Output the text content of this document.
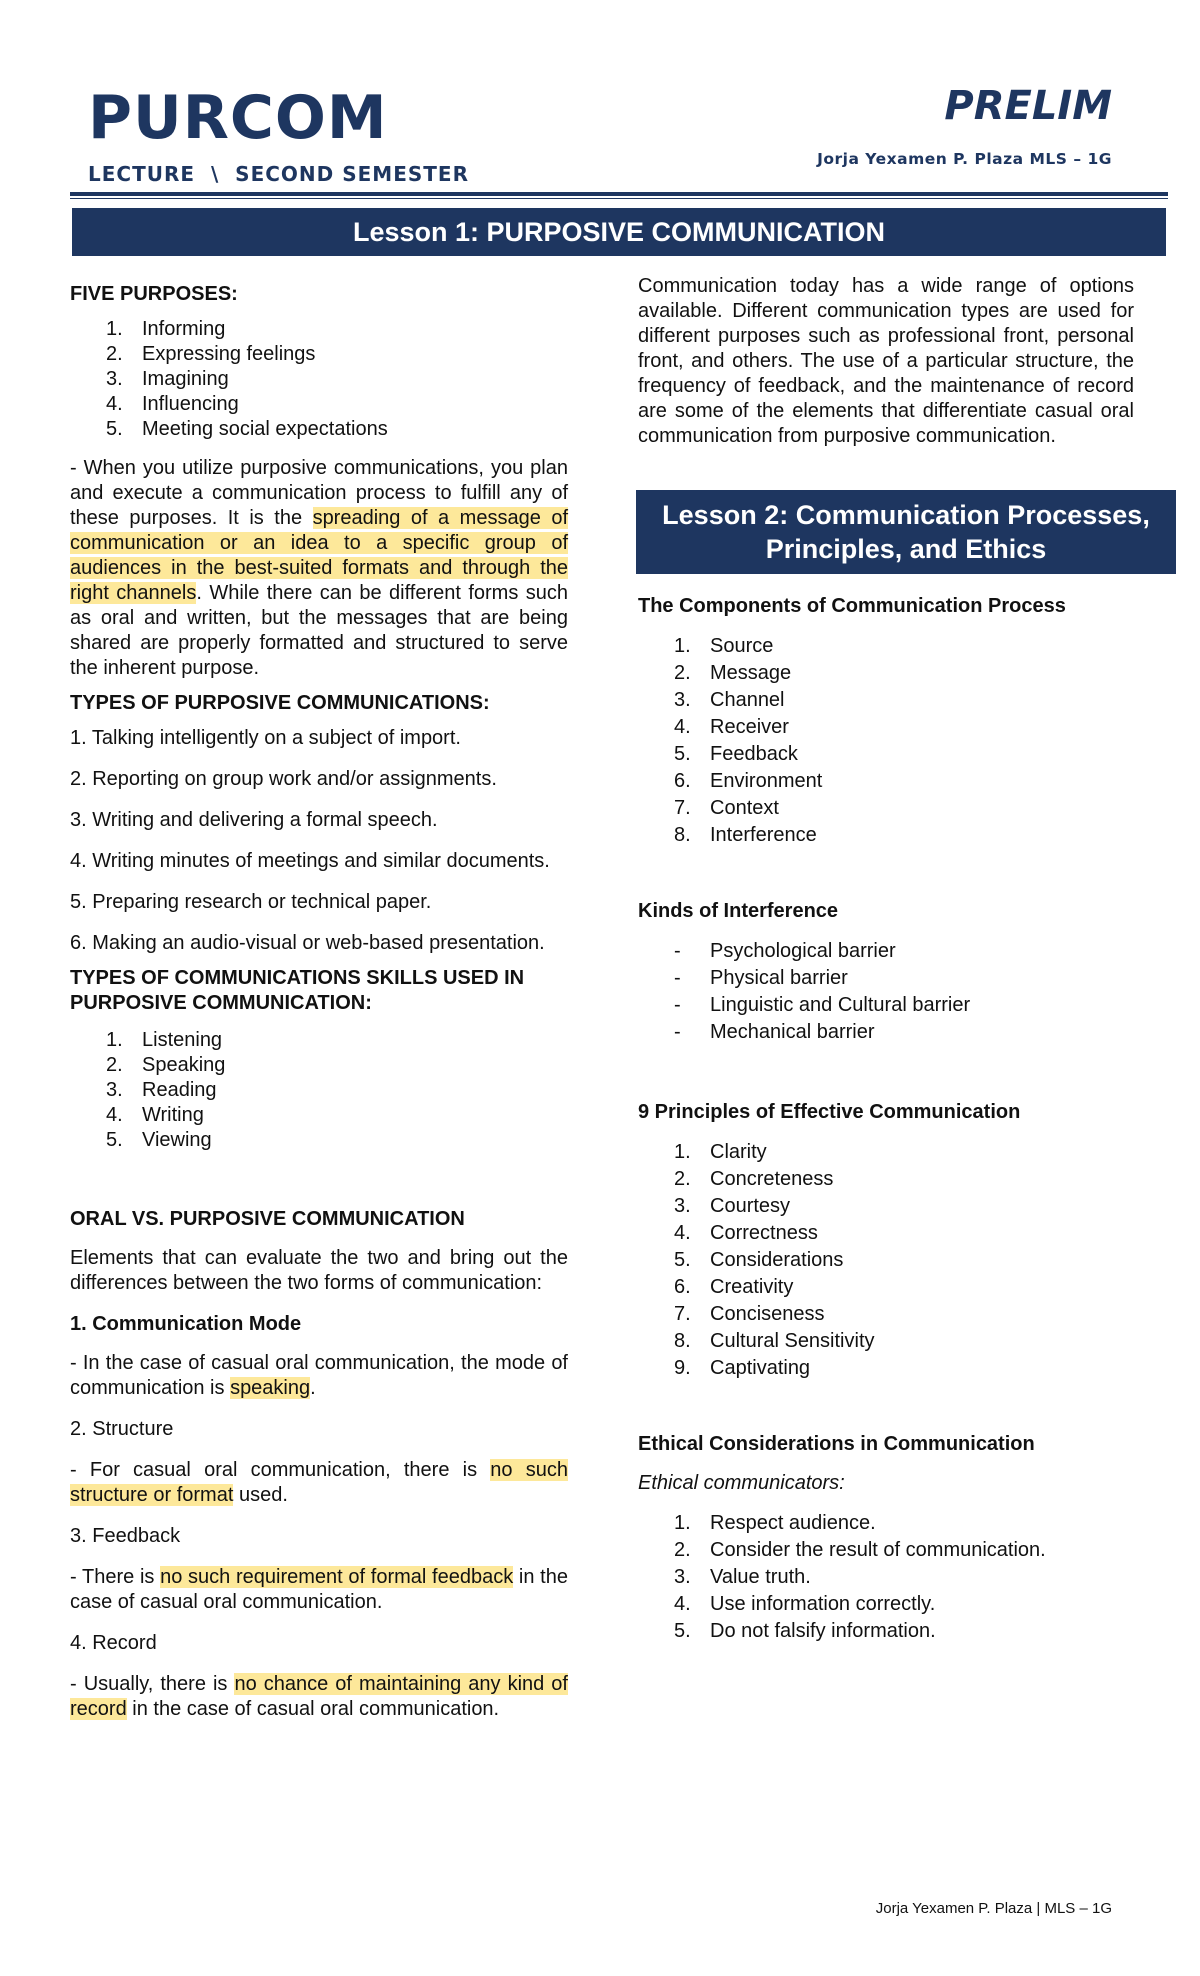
PURCOM
LECTURE  \  SECOND SEMESTER
PRELIM
Jorja Yexamen P. Plaza MLS – 1G
Lesson 1: PURPOSIVE COMMUNICATION
FIVE PURPOSES:
1. Informing
2. Expressing feelings
3. Imagining
4. Influencing
5. Meeting social expectations

- When you utilize purposive communications, you plan and execute a communication process to fulfill any of these purposes. It is the spreading of a message of communication or an idea to a specific group of audiences in the best-suited formats and through the right channels. While there can be different forms such as oral and written, but the messages that are being shared are properly formatted and structured to serve the inherent purpose.

TYPES OF PURPOSIVE COMMUNICATIONS:

1. Talking intelligently on a subject of import.

2. Reporting on group work and/or assignments.

3. Writing and delivering a formal speech.

4. Writing minutes of meetings and similar documents.

5. Preparing research or technical paper.

6. Making an audio-visual or web-based presentation.

TYPES OF COMMUNICATIONS SKILLS USED IN PURPOSIVE COMMUNICATION:
1. Listening
2. Speaking
3. Reading
4. Writing
5. Viewing
ORAL VS. PURPOSIVE COMMUNICATION

Elements that can evaluate the two and bring out the differences between the two forms of communication:

1. Communication Mode

- In the case of casual oral communication, the mode of communication is speaking.

2. Structure

- For casual oral communication, there is no such structure or format used.

3. Feedback

- There is no such requirement of formal feedback in the case of casual oral communication.

4. Record

- Usually, there is no chance of maintaining any kind of record in the case of casual oral communication.

Communication today has a wide range of options available. Different communication types are used for different purposes such as professional front, personal front, and others. The use of a particular structure, the frequency of feedback, and the maintenance of record are some of the elements that differentiate casual oral communication from purposive communication.

Lesson 2: Communication Processes,
Principles, and Ethics
The Components of Communication Process
1. Source
2. Message
3. Channel
4. Receiver
5. Feedback
6. Environment
7. Context
8. Interference
Kinds of Interference
-	Psychological barrier
-	Physical barrier
-	Linguistic and Cultural barrier
-	Mechanical barrier
9 Principles of Effective Communication
1. Clarity
2. Concreteness
3. Courtesy
4. Correctness
5. Considerations
6. Creativity
7. Conciseness
8. Cultural Sensitivity
9. Captivating
Ethical Considerations in Communication

Ethical communicators:

1. Respect audience.
2. Consider the result of communication.
3. Value truth.
4. Use information correctly.
5. Do not falsify information.
Jorja Yexamen P. Plaza | MLS – 1G
